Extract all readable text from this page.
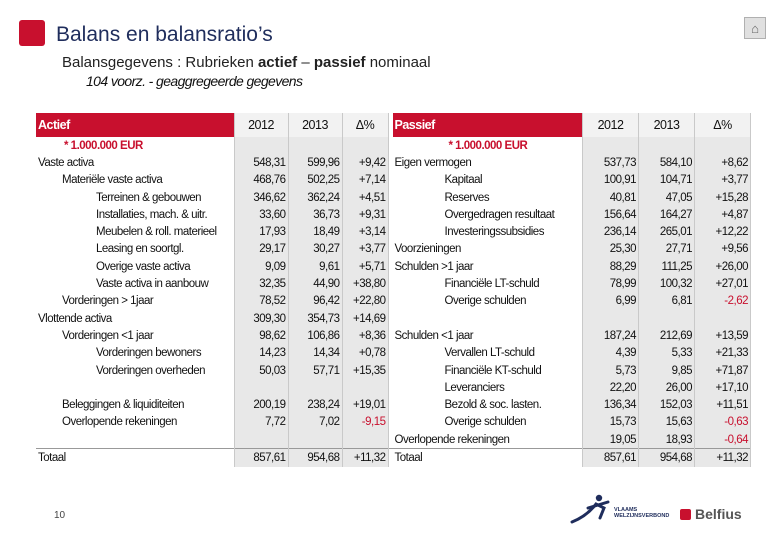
Balans en balansratio’s
Balansgegevens : Rubrieken actief – passief nominaal
104 voorz. - geaggregeerde gegevens
⌂
Actief	2012	2013	Δ%		Passief	2012	2013	Δ%
* 1.000.000 EUR					* 1.000.000 EUR			
Vaste activa	548,31	599,96	+9,42		Eigen vermogen	537,73	584,10	+8,62
Materiële vaste activa	468,76	502,25	+7,14		Kapitaal	100,91	104,71	+3,77
Terreinen & gebouwen	346,62	362,24	+4,51		Reserves	40,81	47,05	+15,28
Installaties, mach. & uitr.	33,60	36,73	+9,31		Overgedragen resultaat	156,64	164,27	+4,87
Meubelen & roll. materieel	17,93	18,49	+3,14		Investeringssubsidies	236,14	265,01	+12,22
Leasing en soortgl.	29,17	30,27	+3,77		Voorzieningen	25,30	27,71	+9,56
Overige vaste activa	9,09	9,61	+5,71		Schulden >1 jaar	88,29	111,25	+26,00
Vaste activa in aanbouw	32,35	44,90	+38,80		Financiële LT-schuld	78,99	100,32	+27,01
Vorderingen > 1jaar	78,52	96,42	+22,80		Overige schulden	6,99	6,81	-2,62
Vlottende activa	309,30	354,73	+14,69					
Vorderingen <1 jaar	98,62	106,86	+8,36		Schulden <1 jaar	187,24	212,69	+13,59
Vorderingen bewoners	14,23	14,34	+0,78		Vervallen LT-schuld	4,39	5,33	+21,33
Vorderingen overheden	50,03	57,71	+15,35		Financiële KT-schuld	5,73	9,85	+71,87
					Leveranciers	22,20	26,00	+17,10
Beleggingen & liquiditeiten	200,19	238,24	+19,01		Bezold & soc. lasten.	136,34	152,03	+11,51
Overlopende rekeningen	7,72	7,02	-9,15		Overige schulden	15,73	15,63	-0,63
					Overlopende rekeningen	19,05	18,93	-0,64
Totaal	857,61	954,68	+11,32		Totaal	857,61	954,68	+11,32
10	VLAAMS
WELZIJNSVERBOND Belfius
